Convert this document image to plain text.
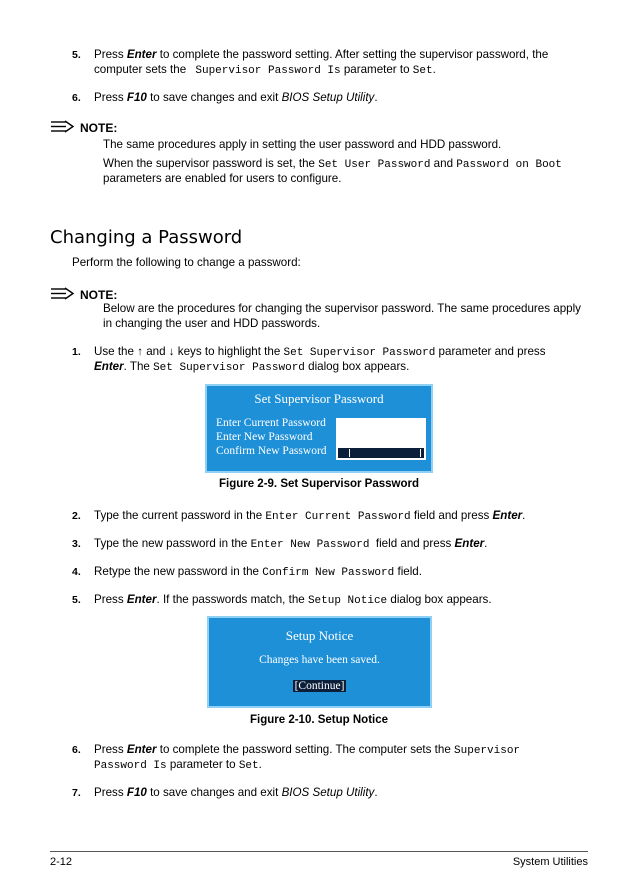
5. Press Enter to complete the password setting. After setting the supervisor password, the
computer sets the Supervisor Password Is parameter to Set.
6. Press F10 to save changes and exit BIOS Setup Utility.
NOTE:
The same procedures apply in setting the user password and HDD password.
When the supervisor password is set, the Set User Password and Password on Boot
parameters are enabled for users to configure.
Changing a Password
Perform the following to change a password:
NOTE:
Below are the procedures for changing the supervisor password. The same procedures apply
in changing the user and HDD passwords.
1. Use the ↑ and ↓ keys to highlight the Set Supervisor Password parameter and press
Enter. The Set Supervisor Password dialog box appears.
Set Supervisor Password
Enter Current Password
Enter New Password
Confirm New Password
Figure 2-9. Set Supervisor Password
2. Type the current password in the Enter Current Password field and press Enter.
3. Type the new password in the Enter New Password  field and press Enter.
4. Retype the new password in the Confirm New Password field.
5. Press Enter. If the passwords match, the Setup Notice dialog box appears.
Setup Notice
Changes have been saved.
[Continue]
Figure 2-10. Setup Notice
6. Press Enter to complete the password setting. The computer sets the Supervisor
Password Is parameter to Set.
7. Press F10 to save changes and exit BIOS Setup Utility.
2-12	System Utilities
